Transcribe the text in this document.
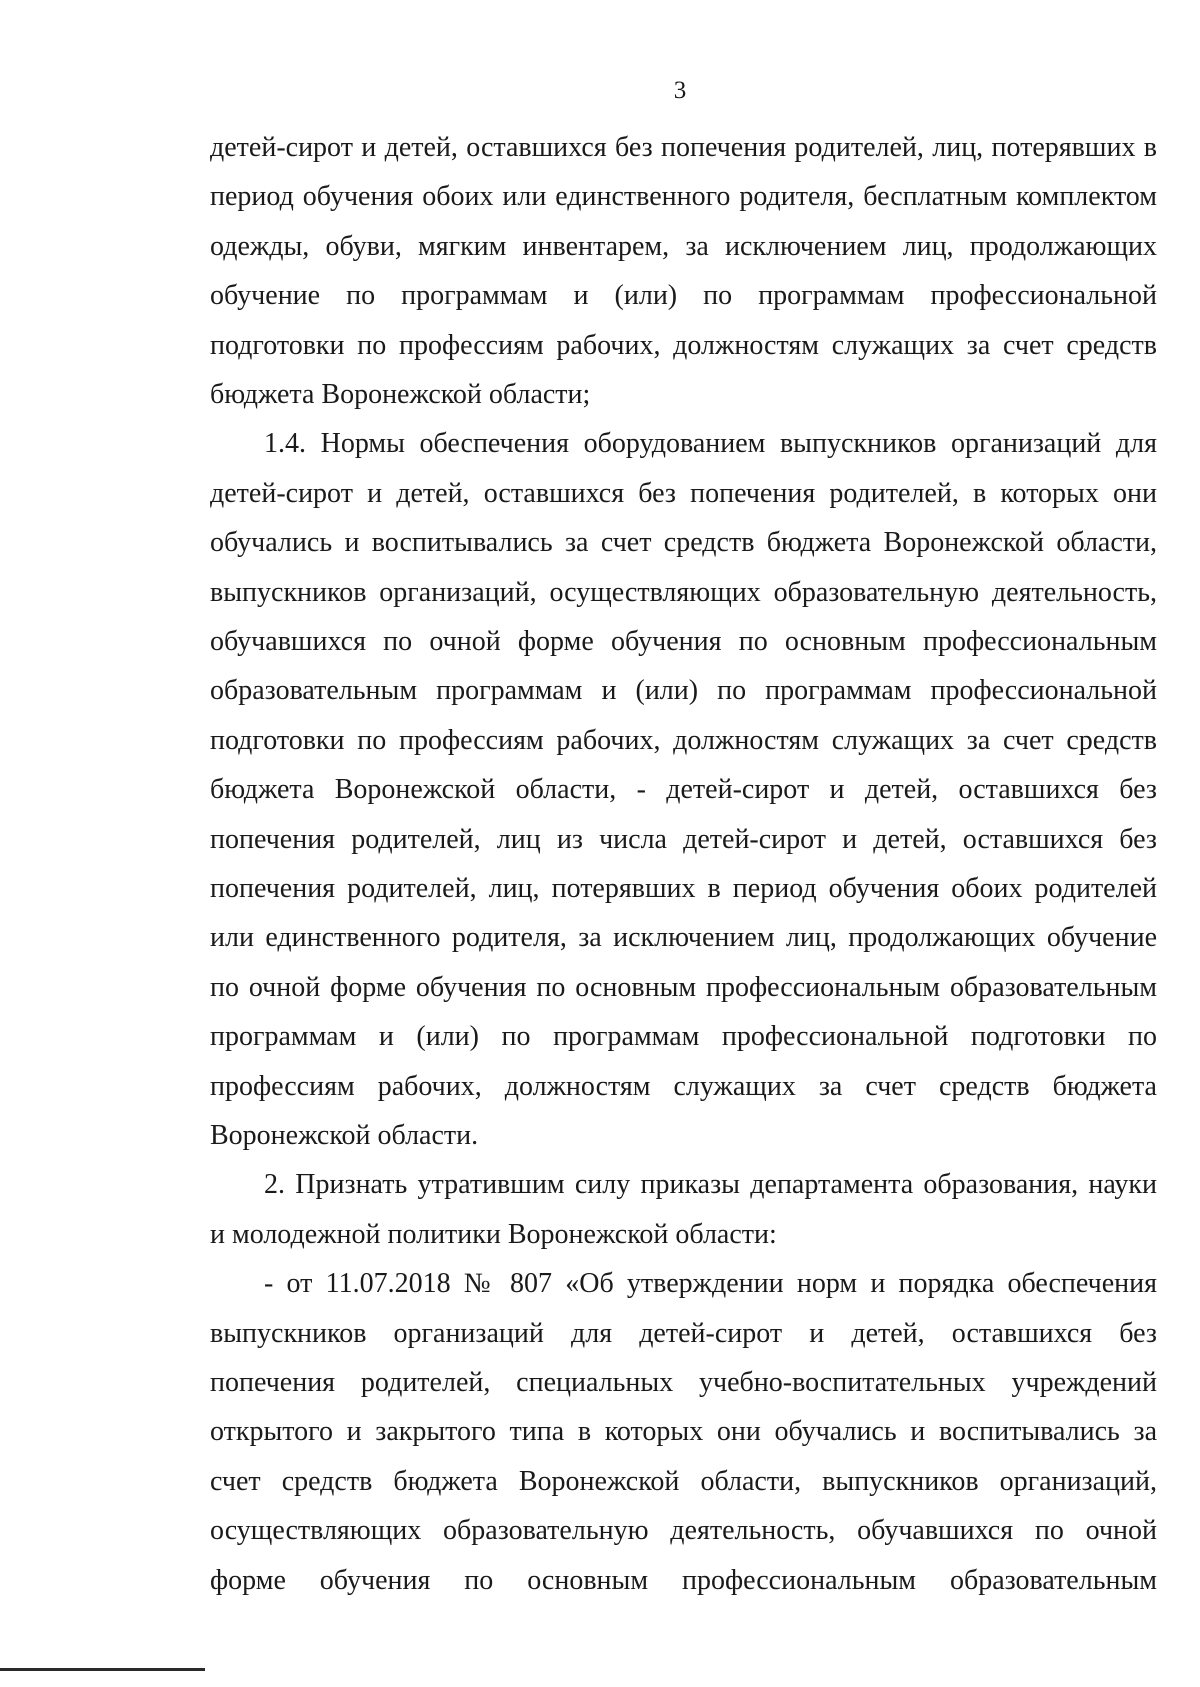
3
детей-сирот и детей, оставшихся без попечения родителей, лиц, потерявших в
период обучения обоих или единственного родителя, бесплатным комплектом
одежды, обуви, мягким инвентарем, за исключением лиц, продолжающих
обучение по программам и (или) по программам профессиональной
подготовки по профессиям рабочих, должностям служащих за счет средств
бюджета Воронежской области;
1.4. Нормы обеспечения оборудованием выпускников организаций для
детей-сирот и детей, оставшихся без попечения родителей, в которых они
обучались и воспитывались за счет средств бюджета Воронежской области,
выпускников организаций, осуществляющих образовательную деятельность,
обучавшихся по очной форме обучения по основным профессиональным
образовательным программам и (или) по программам профессиональной
подготовки по профессиям рабочих, должностям служащих за счет средств
бюджета Воронежской области, - детей-сирот и детей, оставшихся без
попечения родителей, лиц из числа детей-сирот и детей, оставшихся без
попечения родителей, лиц, потерявших в период обучения обоих родителей
или единственного родителя, за исключением лиц, продолжающих обучение
по очной форме обучения по основным профессиональным образовательным
программам и (или) по программам профессиональной подготовки по
профессиям рабочих, должностям служащих за счет средств бюджета
Воронежской области.
2. Признать утратившим силу приказы департамента образования, науки
и молодежной политики Воронежской области:
- от 11.07.2018 № 807 «Об утверждении норм и порядка обеспечения
выпускников организаций для детей-сирот и детей, оставшихся без
попечения родителей, специальных учебно-воспитательных учреждений
открытого и закрытого типа в которых они обучались и воспитывались за
счет средств бюджета Воронежской области, выпускников организаций,
осуществляющих образовательную деятельность, обучавшихся по очной
форме обучения по основным профессиональным образовательным
